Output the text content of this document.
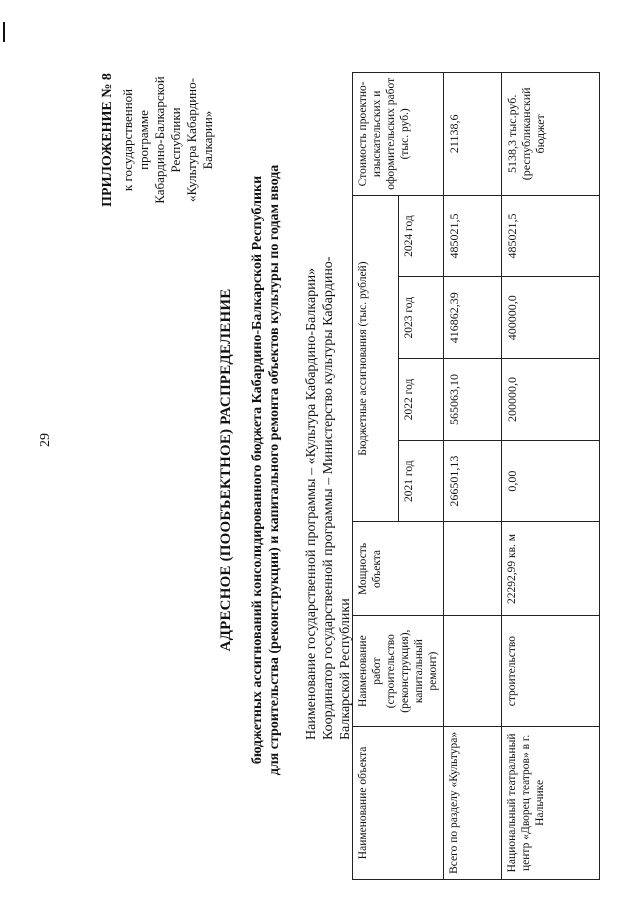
29
ПРИЛОЖЕНИЕ № 8 к государственной программе Кабардино-Балкарской Республики «Культура Кабардино-Балкарии»
АДРЕСНОЕ (ПООБЪЕКТНОЕ) РАСПРЕДЕЛЕНИЕ бюджетных ассигнований консолидированного бюджета Кабардино-Балкарской Республики для строительства (реконструкции) и капитального ремонта объектов культуры по годам ввода Наименование государственной программы – «Культура Кабардино-Балкарии» Координатор государственной программы – Министерство культуры Кабардино-Балкарской Республики
Наименование объекта	Наименование работ (строительство (реконструкция), капитальный ремонт)	Мощность объекта	Бюджетные ассигнования (тыс. рублей)				Стоимость проектно-изыскательских и оформительских работ (тыс. руб.)
			2021 год	2022 год	2023 год	2024 год	
Всего по разделу «Культура»			266501,13	565063,10	416862,39	485021,5	21138,6
Национальный театральный центр «Дворец театров» в г. Нальчике	строительство	22292,99 кв. м	0,00	200000,0	400000,0	485021,5	5138,3 тыс.руб. (республиканский бюджет
